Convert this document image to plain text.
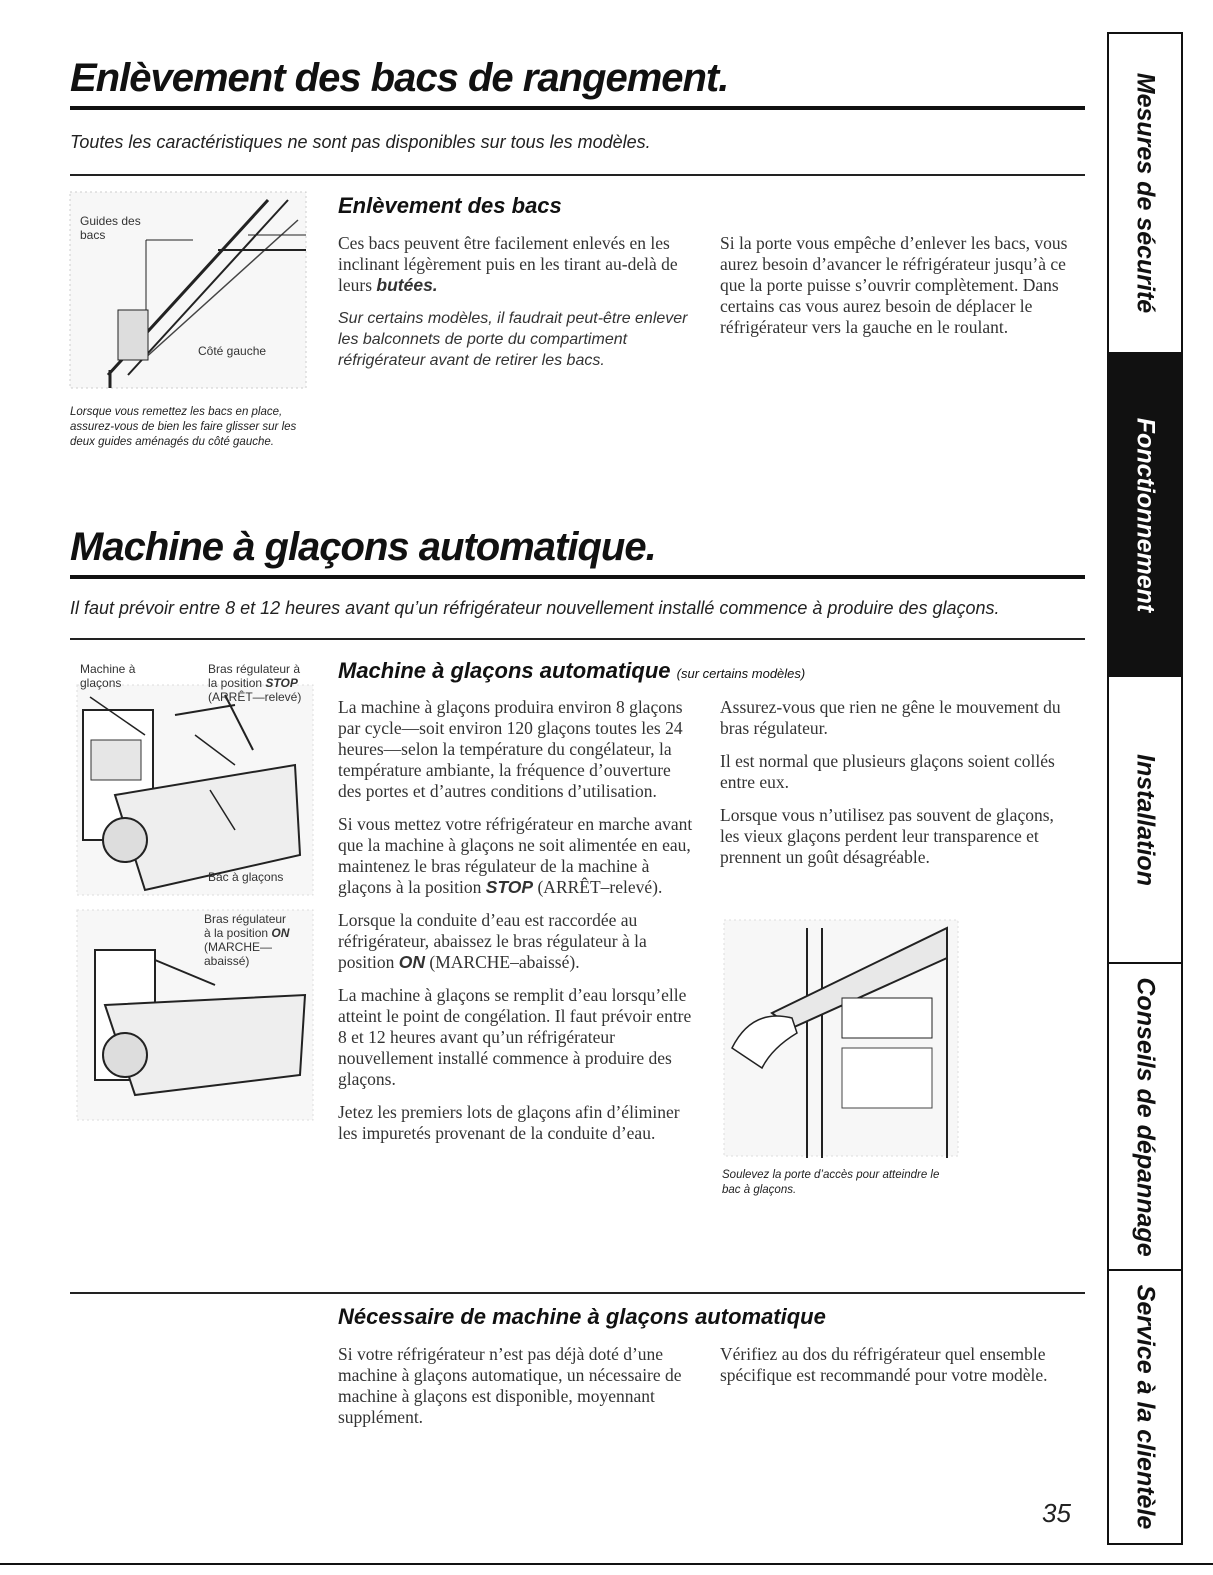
Enlèvement des bacs de rangement.
Toutes les caractéristiques ne sont pas disponibles sur tous les modèles.
Guides des bacs
Côté gauche
Lorsque vous remettez les bacs en place, assurez-vous de bien les faire glisser sur les deux guides aménagés du côté gauche.
Enlèvement des bacs

Ces bacs peuvent être facilement enlevés en les inclinant légèrement puis en les tirant au-delà de leurs butées.

Sur certains modèles, il faudrait peut-être enlever les balconnets de porte du compartiment réfrigérateur avant de retirer les bacs.

Si la porte vous empêche d’enlever les bacs, vous aurez besoin d’avancer le réfrigérateur jusqu’à ce que la porte puisse s’ouvrir complètement. Dans certains cas vous aurez besoin de déplacer le réfrigérateur vers la gauche en le roulant.
Machine à glaçons automatique.
Il faut prévoir entre 8 et 12 heures avant qu’un réfrigérateur nouvellement installé commence à produire des glaçons.
Machine à glaçons
Bras régulateur à la position STOP (ARRÊT—relevé)
Bac à glaçons
Bras régulateur à la position ON (MARCHE—abaissé)
Machine à glaçons automatique (sur certains modèles)

La machine à glaçons produira environ 8 glaçons par cycle—soit environ 120 glaçons toutes les 24 heures—selon la température du congélateur, la température ambiante, la fréquence d’ouverture des portes et d’autres conditions d’utilisation.

Si vous mettez votre réfrigérateur en marche avant que la machine à glaçons ne soit alimentée en eau, maintenez le bras régulateur de la machine à glaçons à la position STOP (ARRÊT–relevé).

Lorsque la conduite d’eau est raccordée au réfrigérateur, abaissez le bras régulateur à la position ON (MARCHE–abaissé).

La machine à glaçons se remplit d’eau lorsqu’elle atteint le point de congélation. Il faut prévoir entre 8 et 12 heures avant qu’un réfrigérateur nouvellement installé commence à produire des glaçons.

Jetez les premiers lots de glaçons afin d’éliminer les impuretés provenant de la conduite d’eau.

Assurez-vous que rien ne gêne le mouvement du bras régulateur.

Il est normal que plusieurs glaçons soient collés entre eux.

Lorsque vous n’utilisez pas souvent de glaçons, les vieux glaçons perdent leur transparence et prennent un goût désagréable.

Soulevez la porte d’accès pour atteindre le bac à glaçons.
Nécessaire de machine à glaçons automatique
Si votre réfrigérateur n’est pas déjà doté d’une machine à glaçons automatique, un nécessaire de machine à glaçons est disponible, moyennant supplément.
Vérifiez au dos du réfrigérateur quel ensemble spécifique est recommandé pour votre modèle.
35
Mesures de sécurité
Fonctionnement
Installation
Conseils de dépannage
Service à la clientèle
